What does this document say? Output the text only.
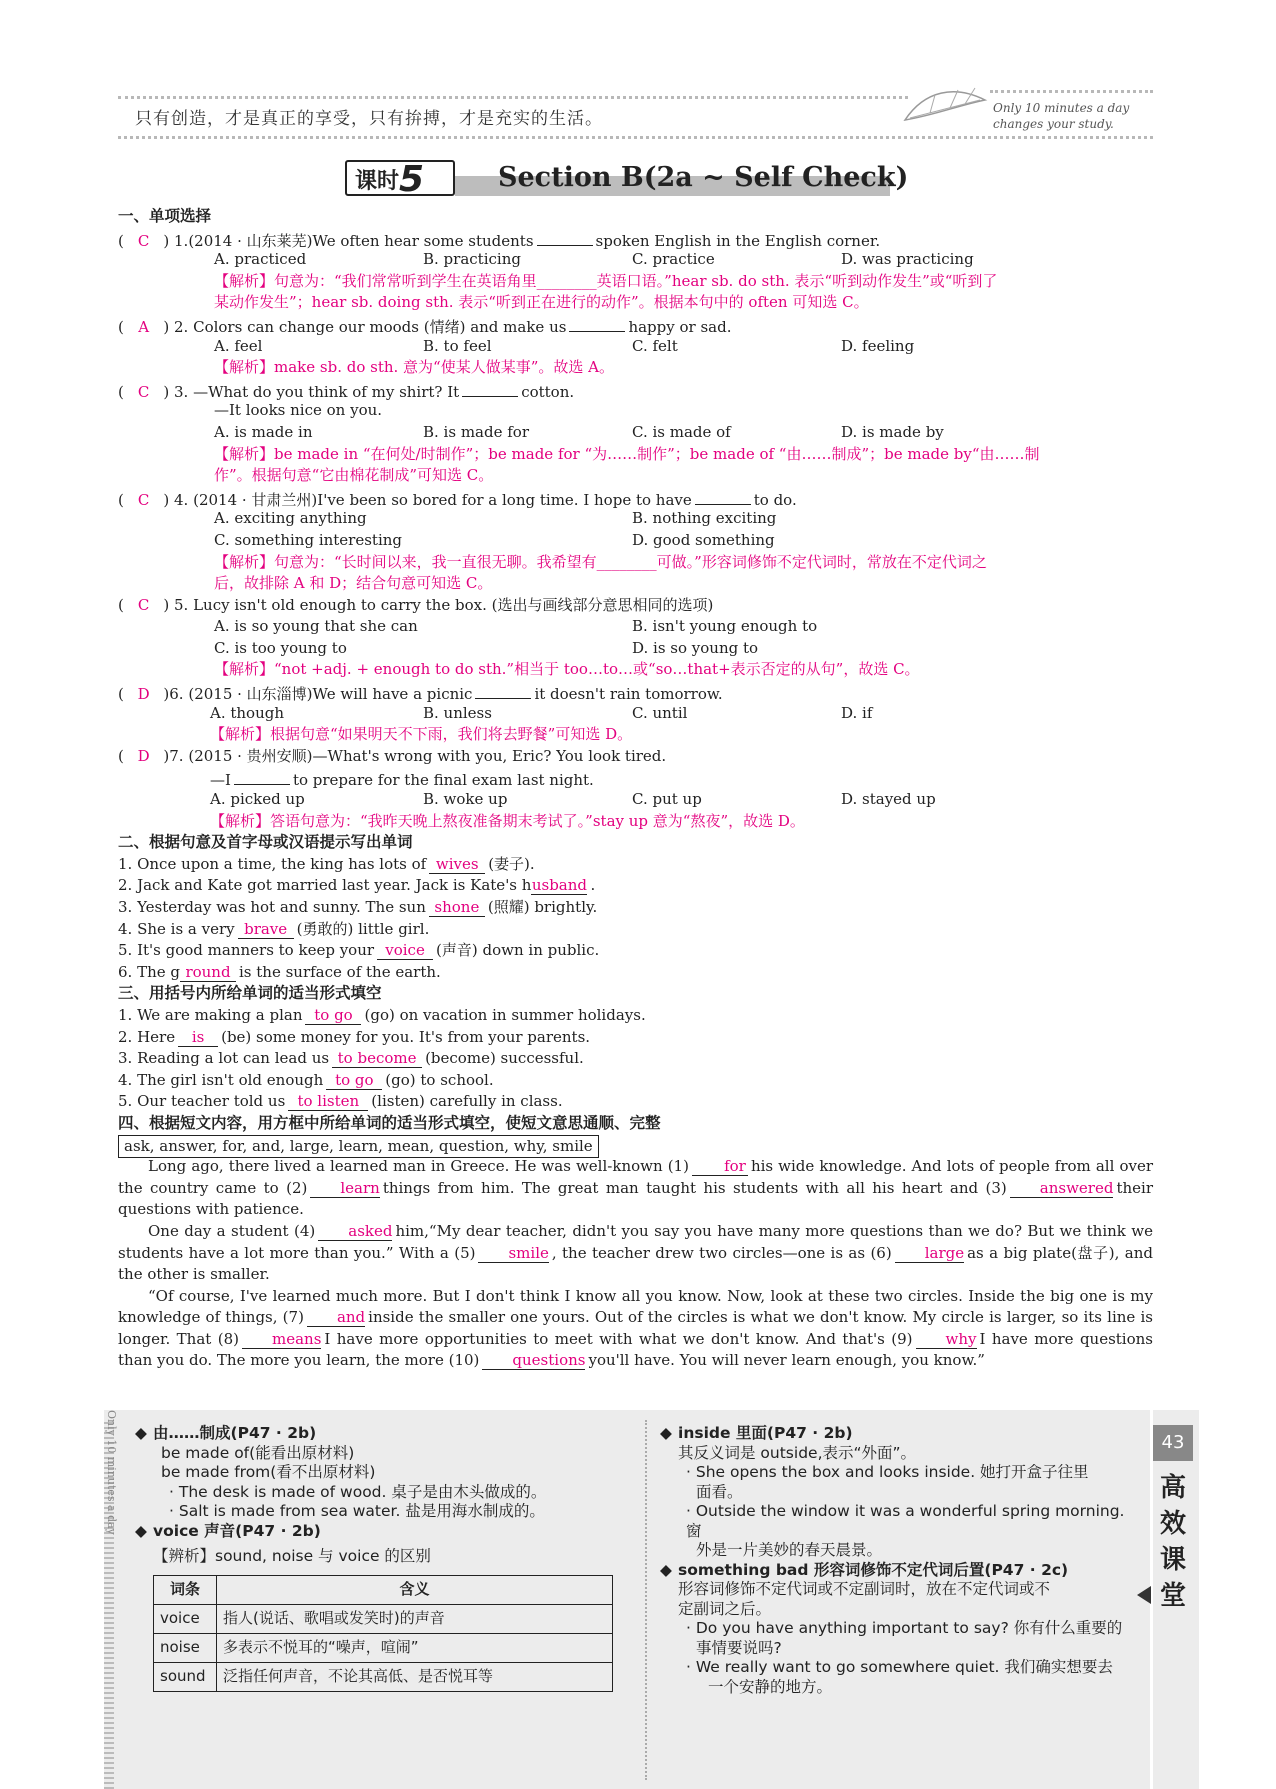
只有创造，才是真正的享受，只有拚搏，才是充实的生活。
Only 10 minutes a day
changes your study.
课时5	Section B(2a ~ Self Check)
一、单项选择
( C ) 1.(2014 · 山东莱芜)We often hear some students	spoken English in the English corner.
A. practiced	B. practicing	C. practice	D. was practicing
【解析】句意为：“我们常常听到学生在英语角里________英语口语。”hear sb. do sth. 表示“听到动作发生”或“听到了
某动作发生”；hear sb. doing sth. 表示“听到正在进行的动作”。根据本句中的 often 可知选 C。
( A ) 2. Colors can change our moods (情绪) and make us	happy or sad.
A. feel	B. to feel	C. felt	D. feeling
【解析】make sb. do sth. 意为“使某人做某事”。故选 A。
( C ) 3. —What do you think of my shirt? It	cotton.
—It looks nice on you.
A. is made in	B. is made for	C. is made of	D. is made by
【解析】be made in “在何处/时制作”；be made for “为……制作”；be made of “由……制成”；be made by“由……制
作”。根据句意“它由棉花制成”可知选 C。
( C ) 4. (2014 · 甘肃兰州)I've been so bored for a long time. I hope to have	to do.
A. exciting anything	B. nothing exciting
C. something interesting	D. good something
【解析】句意为：“长时间以来，我一直很无聊。我希望有________可做。”形容词修饰不定代词时，常放在不定代词之
后，故排除 A 和 D；结合句意可知选 C。
( C ) 5. Lucy isn't old enough to carry the box. (选出与画线部分意思相同的选项)
A. is so young that she can	B. isn't young enough to
C. is too young to	D. is so young to
【解析】“not +adj. + enough to do sth.”相当于 too…to…或“so…that+表示否定的从句”，故选 C。
( D )6. (2015 · 山东淄博)We will have a picnic	it doesn't rain tomorrow.
A. though	B. unless	C. until	D. if
【解析】根据句意“如果明天不下雨，我们将去野餐”可知选 D。
( D )7. (2015 · 贵州安顺)—What's wrong with you, Eric? You look tired.
—I	to prepare for the final exam last night.
A. picked up	B. woke up	C. put up	D. stayed up
【解析】答语句意为：“我昨天晚上熬夜准备期末考试了。”stay up 意为“熬夜”，故选 D。
二、根据句意及首字母或汉语提示写出单词
1. Once upon a time, the king has lots of wives (妻子).
2. Jack and Kate got married last year. Jack is Kate's husband .
3. Yesterday was hot and sunny. The sun shone (照耀) brightly.
4. She is a very brave (勇敢的) little girl.
5. It's good manners to keep your voice (声音) down in public.
6. The g round is the surface of the earth.
三、用括号内所给单词的适当形式填空
1. We are making a plan to go (go) on vacation in summer holidays.
2. Here is (be) some money for you. It's from your parents.
3. Reading a lot can lead us to become (become) successful.
4. The girl isn't old enough to go (go) to school.
5. Our teacher told us to listen (listen) carefully in class.
四、根据短文内容，用方框中所给单词的适当形式填空，使短文意思通顺、完整
ask, answer, for, and, large, learn, mean, question, why, smile
Long ago, there lived a learned man in Greece. He was well-known (1) for his wide knowledge. And lots of people from all over the country came to (2) learn things from him. The great man taught his students with all his heart and (3) answered their questions with patience.
One day a student (4) asked him,“My dear teacher, didn't you say you have many more questions than we do? But we think we students have a lot more than you.” With a (5) smile , the teacher drew two circles—one is as (6) large as a big plate(盘子), and the other is smaller.
“Of course, I've learned much more. But I don't think I know all you know. Now, look at these two circles. Inside the big one is my knowledge of things, (7) and inside the smaller one yours. Out of the circles is what we don't know. My circle is larger, so its line is longer. That (8) means I have more opportunities to meet with what we don't know. And that's (9) why I have more questions than you do. The more you learn, the more (10) questions you'll have. You will never learn enough, you know.”
Only 10 minutes a day ◆ 由……制成(P47 · 2b)
be made of(能看出原材料)
be made from(看不出原材料)
· The desk is made of wood. 桌子是由木头做成的。
· Salt is made from sea water. 盐是用海水制成的。
◆ voice 声音(P47 · 2b)
【辨析】sound, noise 与 voice 的区别
词条	含义
voice	指人(说话、歌唱或发笑时)的声音
noise	多表示不悦耳的“噪声，喧闹”
sound	泛指任何声音，不论其高低、是否悦耳等
◆ inside 里面(P47 · 2b)
其反义词是 outside,表示“外面”。
· She opens the box and looks inside. 她打开盒子往里
面看。
· Outside the window it was a wonderful spring morning. 窗
外是一片美妙的春天晨景。
◆ something bad 形容词修饰不定代词后置(P47 · 2c)
形容词修饰不定代词或不定副词时，放在不定代词或不
定副词之后。
· Do you have anything important to say? 你有什么重要的
事情要说吗?
· We really want to go somewhere quiet. 我们确实想要去
一个安静的地方。
43
高效课堂
